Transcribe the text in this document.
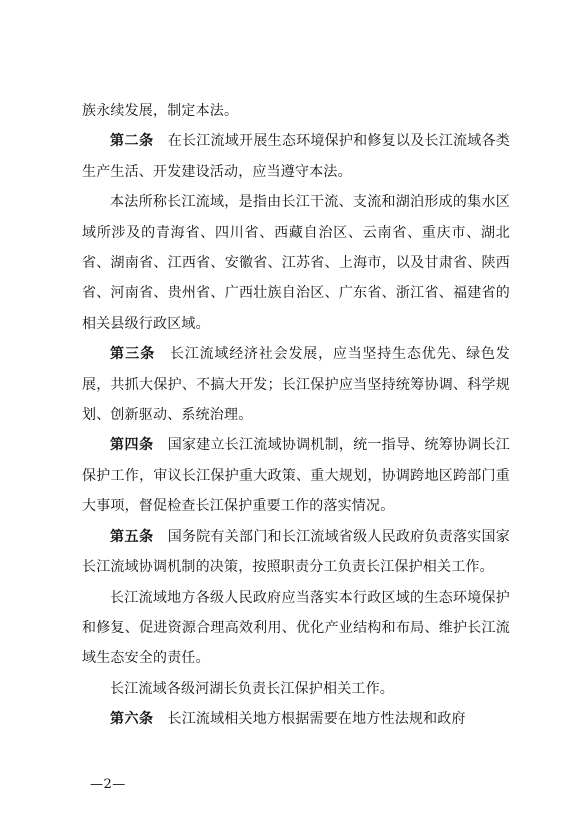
族永续发展，制定本法。

第二条 在长江流域开展生态环境保护和修复以及长江流域各类生产生活、开发建设活动，应当遵守本法。

本法所称长江流域，是指由长江干流、支流和湖泊形成的集水区域所涉及的青海省、四川省、西藏自治区、云南省、重庆市、湖北省、湖南省、江西省、安徽省、江苏省、上海市，以及甘肃省、陕西省、河南省、贵州省、广西壮族自治区、广东省、浙江省、福建省的相关县级行政区域。

第三条 长江流域经济社会发展，应当坚持生态优先、绿色发展，共抓大保护、不搞大开发；长江保护应当坚持统筹协调、科学规划、创新驱动、系统治理。

第四条 国家建立长江流域协调机制，统一指导、统筹协调长江保护工作，审议长江保护重大政策、重大规划，协调跨地区跨部门重大事项，督促检查长江保护重要工作的落实情况。

第五条 国务院有关部门和长江流域省级人民政府负责落实国家长江流域协调机制的决策，按照职责分工负责长江保护相关工作。

长江流域地方各级人民政府应当落实本行政区域的生态环境保护和修复、促进资源合理高效利用、优化产业结构和布局、维护长江流域生态安全的责任。

长江流域各级河湖长负责长江保护相关工作。

第六条 长江流域相关地方根据需要在地方性法规和政府

—2—
